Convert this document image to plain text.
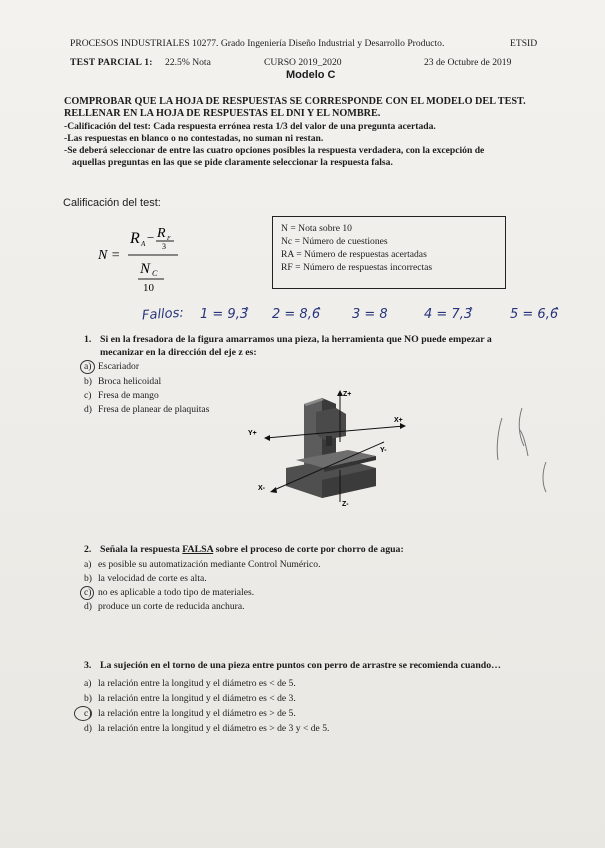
PROCESOS INDUSTRIALES 10277. Grado Ingeniería Diseño Industrial y Desarrollo Producto.	ETSID
TEST PARCIAL 1: 22.5% Nota	CURSO 2019_2020	23 de Octubre de 2019
Modelo C
COMPROBAR QUE LA HOJA DE RESPUESTAS SE CORRESPONDE CON EL MODELO DEL TEST.
RELLENAR EN LA HOJA DE RESPUESTAS EL DNI Y EL NOMBRE.
-Calificación del test: Cada respuesta errónea resta 1/3 del valor de una pregunta acertada.
-Las respuestas en blanco o no contestadas, no suman ni restan.
-Se deberá seleccionar de entre las cuatro opciones posibles la respuesta verdadera, con la excepción de
aquellas preguntas en las que se pide claramente seleccionar la respuesta falsa.
Calificación del test:
N =
R A − R F
3
N C
10
N = Nota sobre 10
Nc = Número de cuestiones
RA = Número de respuestas acertadas
RF = Número de respuestas incorrectas
Fallos: 1 = 9,3̂ 2 = 8,6̂ 3 = 8	4 = 7,3̂	5 = 6,6̂
1. Si en la fresadora de la figura amarramos una pieza, la herramienta que NO puede empezar a
mecanizar en la dirección del eje z es:
a) Escariador
b) Broca helicoidal
c) Fresa de mango
d) Fresa de planear de plaquitas
Z+
Y+
X+
X-
Y-
Z-
2. Señala la respuesta FALSA sobre el proceso de corte por chorro de agua:
a) es posible su automatización mediante Control Numérico.
b) la velocidad de corte es alta.
c) no es aplicable a todo tipo de materiales.
d) produce un corte de reducida anchura.
3. La sujeción en el torno de una pieza entre puntos con perro de arrastre se recomienda cuando…
a) la relación entre la longitud y el diámetro es < de 5.
b) la relación entre la longitud y el diámetro es < de 3.
c) la relación entre la longitud y el diámetro es > de 5.
d) la relación entre la longitud y el diámetro es > de 3 y < de 5.
